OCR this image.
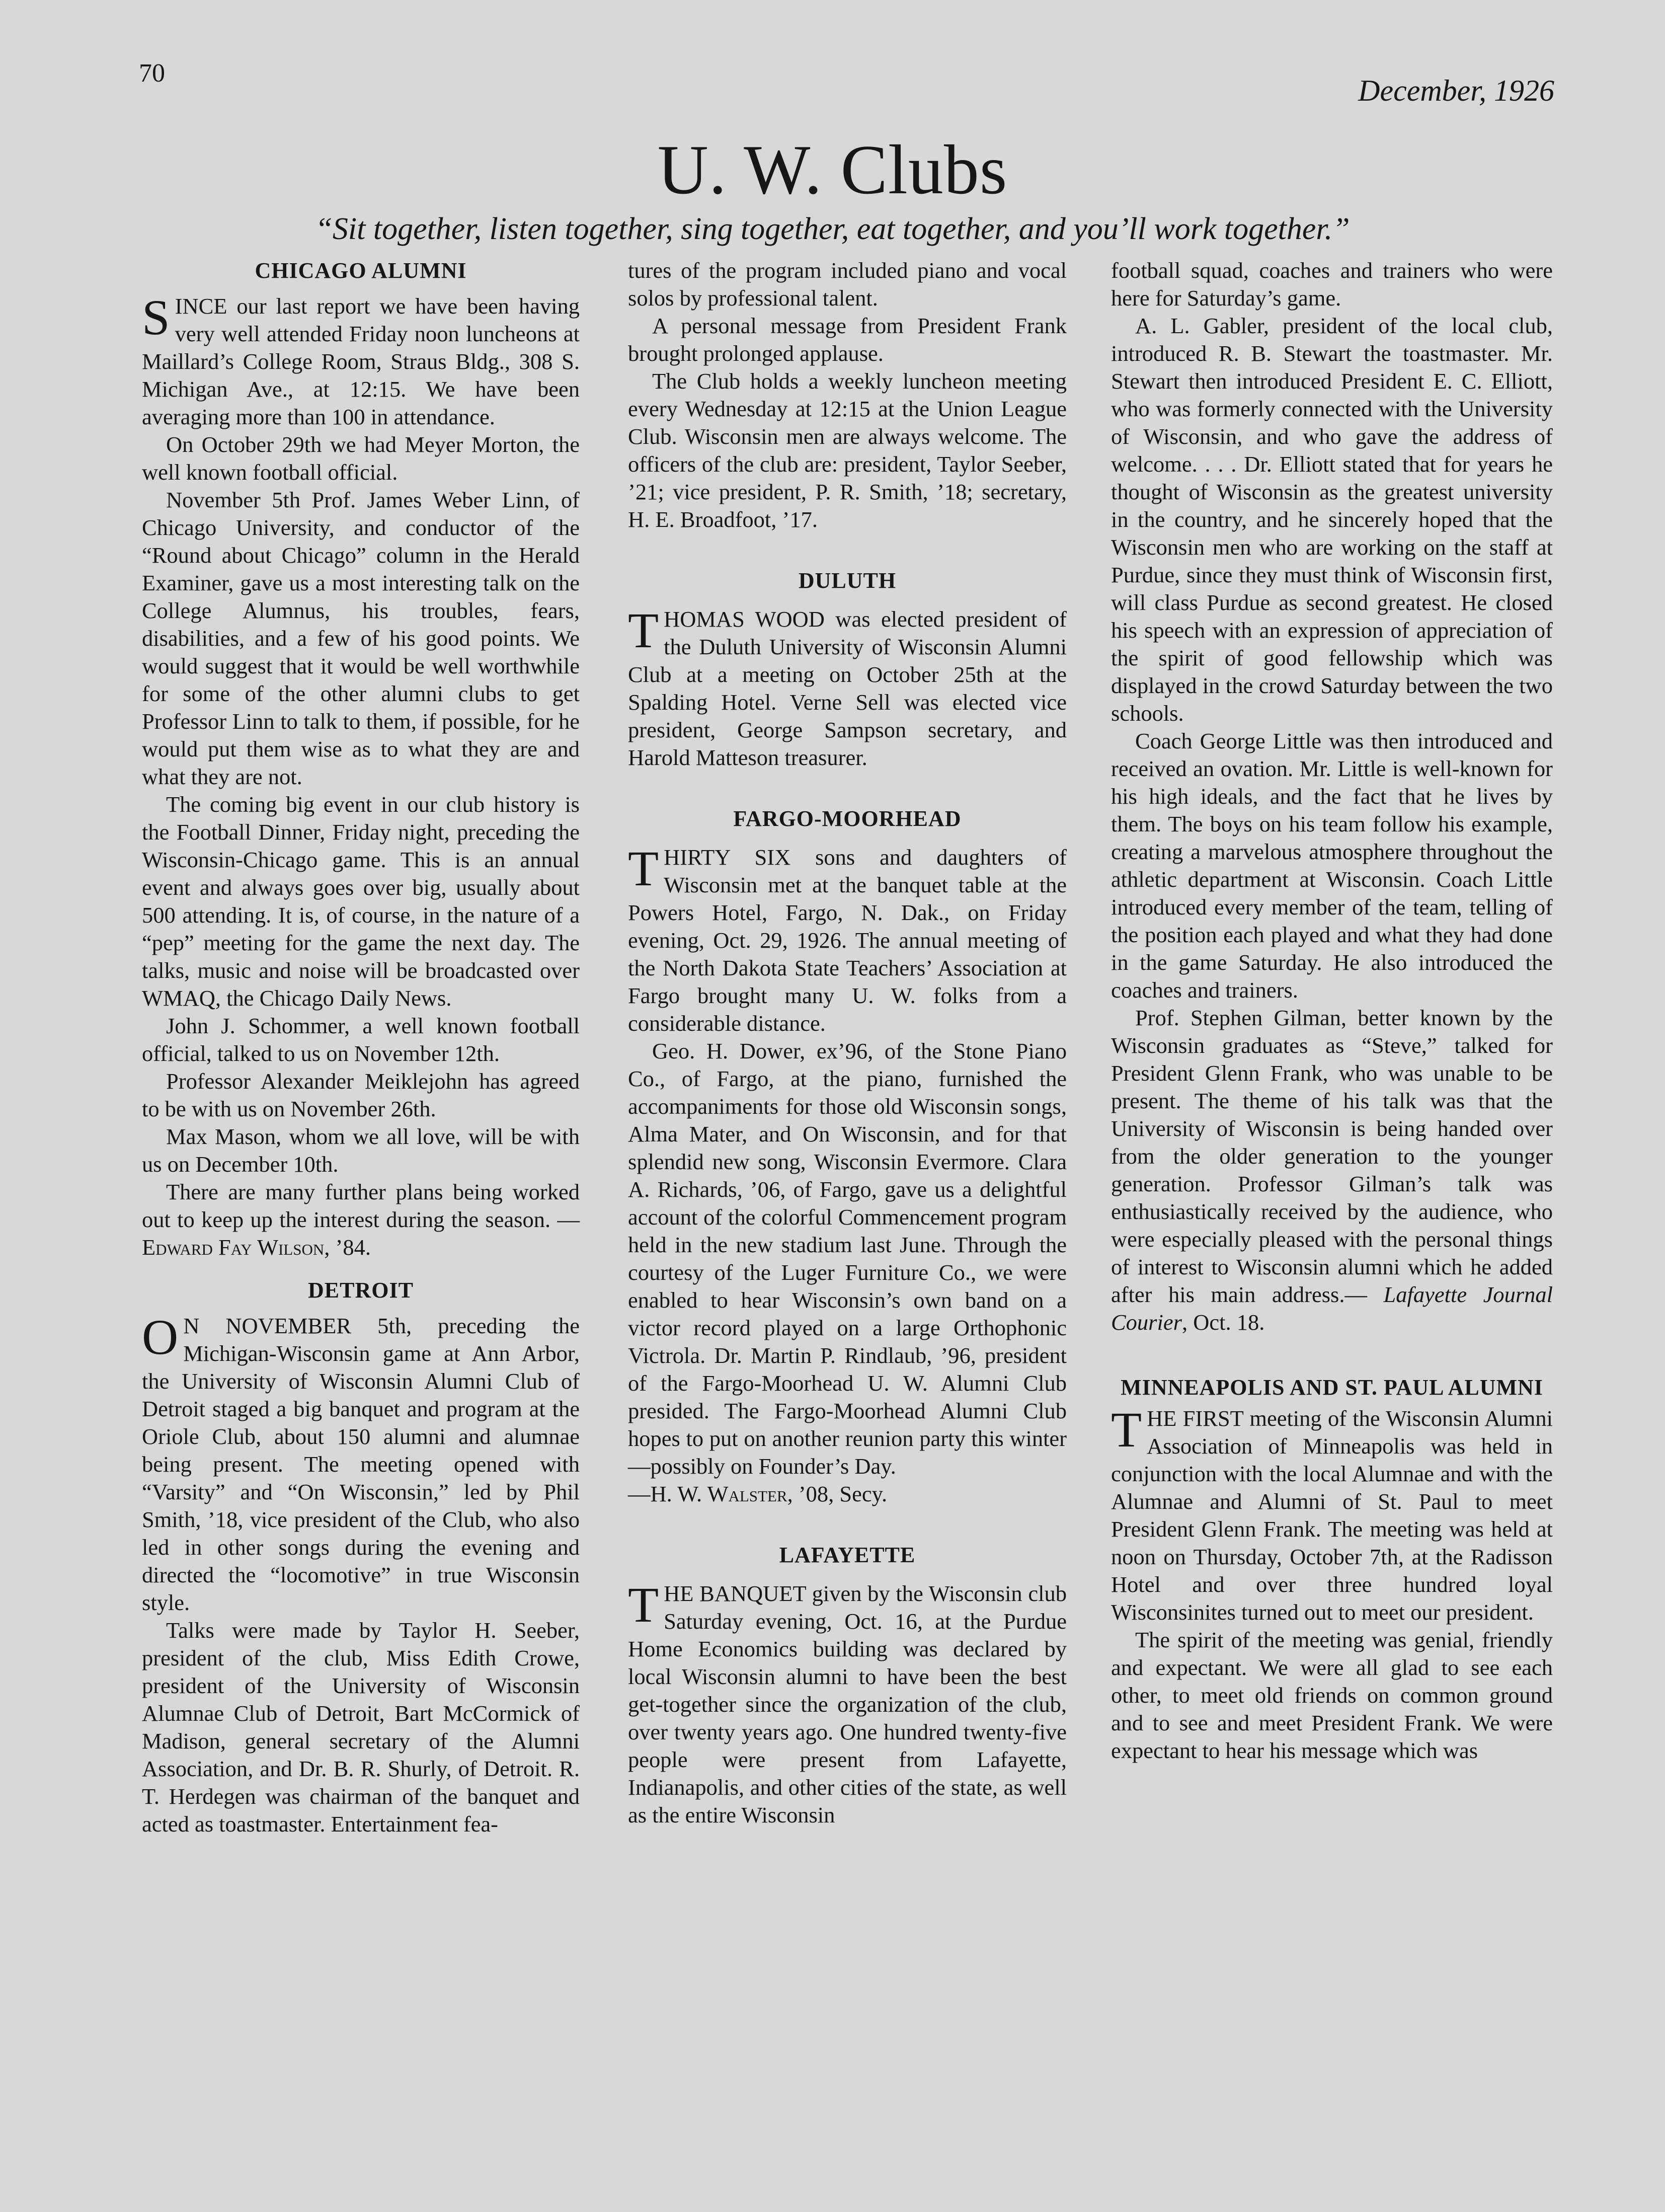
70
December, 1926
U. W. Clubs
“Sit together, listen together, sing together, eat together, and you’ll work together.”
CHICAGO ALUMNI

SINCE our last report we have been having very well attended Friday noon luncheons at Maillard’s College Room, Straus Bldg., 308 S. Michigan Ave., at 12:15. We have been averaging more than 100 in attendance.

On October 29th we had Meyer Morton, the well known football official.

November 5th Prof. James Weber Linn, of Chicago University, and conductor of the “Round about Chicago” column in the Herald Examiner, gave us a most interesting talk on the College Alumnus, his troubles, fears, disabilities, and a few of his good points. We would suggest that it would be well worthwhile for some of the other alumni clubs to get Professor Linn to talk to them, if possible, for he would put them wise as to what they are and what they are not.

The coming big event in our club history is the Football Dinner, Friday night, preceding the Wisconsin-Chicago game. This is an annual event and always goes over big, usually about 500 attending. It is, of course, in the nature of a “pep” meeting for the game the next day. The talks, music and noise will be broadcasted over WMAQ, the Chicago Daily News.

John J. Schommer, a well known football official, talked to us on November 12th.

Professor Alexander Meiklejohn has agreed to be with us on November 26th.

Max Mason, whom we all love, will be with us on December 10th.

There are many further plans being worked out to keep up the interest during the season. — Edward Fay Wilson, ’84.

DETROIT

O N NOVEMBER 5th, preceding the Michigan-Wisconsin game at Ann Arbor, the University of Wisconsin Alumni Club of Detroit staged a big banquet and program at the Oriole Club, about 150 alumni and alumnae being present. The meeting opened with “Varsity” and “On Wisconsin,” led by Phil Smith, ’18, vice president of the Club, who also led in other songs during the evening and directed the “locomotive” in true Wisconsin style.

Talks were made by Taylor H. Seeber, president of the club, Miss Edith Crowe, president of the University of Wisconsin Alumnae Club of Detroit, Bart McCormick of Madison, general secretary of the Alumni Association, and Dr. B. R. Shurly, of Detroit. R. T. Herdegen was chairman of the banquet and acted as toastmaster. Entertainment fea-

tures of the program included piano and vocal solos by professional talent.

A personal message from President Frank brought prolonged applause.

The Club holds a weekly luncheon meeting every Wednesday at 12:15 at the Union League Club. Wisconsin men are always welcome. The officers of the club are: president, Taylor Seeber, ’21; vice president, P. R. Smith, ’18; secretary, H. E. Broadfoot, ’17.

DULUTH

THOMAS WOOD was elected president of the Duluth University of Wisconsin Alumni Club at a meeting on October 25th at the Spalding Hotel. Verne Sell was elected vice president, George Sampson secretary, and Harold Matteson treasurer.

FARGO-MOORHEAD

THIRTY SIX sons and daughters of Wisconsin met at the banquet table at the Powers Hotel, Fargo, N. Dak., on Friday evening, Oct. 29, 1926. The annual meeting of the North Dakota State Teachers’ Association at Fargo brought many U. W. folks from a considerable distance.

Geo. H. Dower, ex’96, of the Stone Piano Co., of Fargo, at the piano, furnished the accompaniments for those old Wisconsin songs, Alma Mater, and On Wisconsin, and for that splendid new song, Wisconsin Evermore. Clara A. Richards, ’06, of Fargo, gave us a delightful account of the colorful Commencement program held in the new stadium last June. Through the courtesy of the Luger Furniture Co., we were enabled to hear Wisconsin’s own band on a victor record played on a large Orthophonic Victrola. Dr. Martin P. Rindlaub, ’96, president of the Fargo-Moorhead U. W. Alumni Club presided. The Fargo-Moorhead Alumni Club hopes to put on another reunion party this winter—possibly on Founder’s Day.

—H. W. Walster, ’08, Secy.

LAFAYETTE

THE BANQUET given by the Wisconsin club Saturday evening, Oct. 16, at the Purdue Home Economics building was declared by local Wisconsin alumni to have been the best get-together since the organization of the club, over twenty years ago. One hundred twenty-five people were present from Lafayette, Indianapolis, and other cities of the state, as well as the entire Wisconsin

football squad, coaches and trainers who were here for Saturday’s game.

A. L. Gabler, president of the local club, introduced R. B. Stewart the toastmaster. Mr. Stewart then introduced President E. C. Elliott, who was formerly connected with the University of Wisconsin, and who gave the address of welcome. . . . Dr. Elliott stated that for years he thought of Wisconsin as the greatest university in the country, and he sincerely hoped that the Wisconsin men who are working on the staff at Purdue, since they must think of Wisconsin first, will class Purdue as second greatest. He closed his speech with an expression of appreciation of the spirit of good fellowship which was displayed in the crowd Saturday between the two schools.

Coach George Little was then introduced and received an ovation. Mr. Little is well-known for his high ideals, and the fact that he lives by them. The boys on his team follow his example, creating a marvelous atmosphere throughout the athletic department at Wisconsin. Coach Little introduced every member of the team, telling of the position each played and what they had done in the game Saturday. He also introduced the coaches and trainers.

Prof. Stephen Gilman, better known by the Wisconsin graduates as “Steve,” talked for President Glenn Frank, who was unable to be present. The theme of his talk was that the University of Wisconsin is being handed over from the older generation to the younger generation. Professor Gilman’s talk was enthusiastically received by the audience, who were especially pleased with the personal things of interest to Wisconsin alumni which he added after his main address.— Lafayette Journal Courier, Oct. 18.

MINNEAPOLIS AND ST. PAUL ALUMNI

THE FIRST meeting of the Wisconsin Alumni Association of Minneapolis was held in conjunction with the local Alumnae and with the Alumnae and Alumni of St. Paul to meet President Glenn Frank. The meeting was held at noon on Thursday, October 7th, at the Radisson Hotel and over three hundred loyal Wisconsinites turned out to meet our president.

The spirit of the meeting was genial, friendly and expectant. We were all glad to see each other, to meet old friends on common ground and to see and meet President Frank. We were expectant to hear his message which was
